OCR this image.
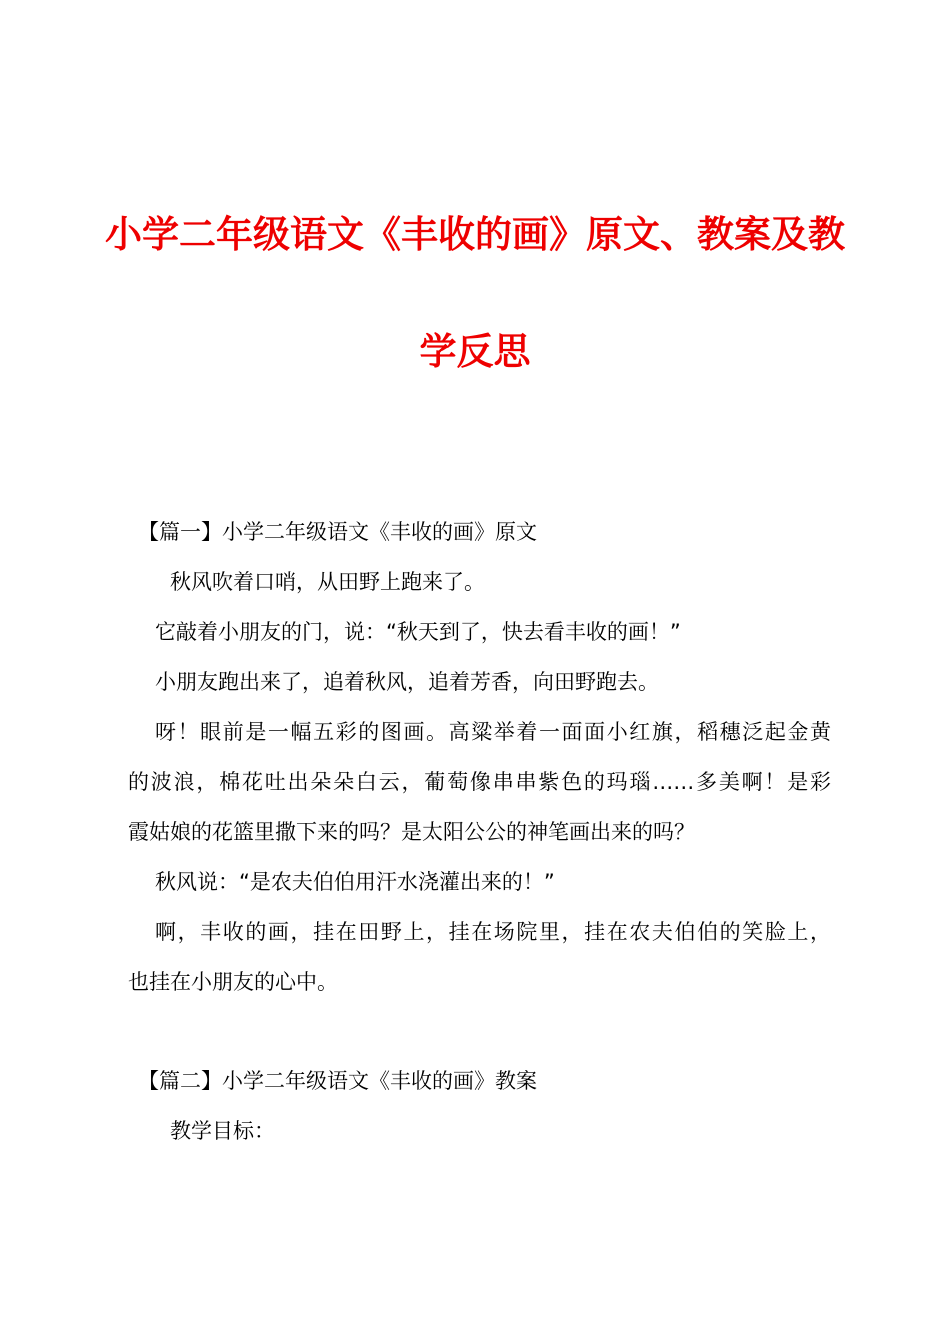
小学二年级语文《丰收的画》原文、教案及教
学反思
【篇一】小学二年级语文《丰收的画》原文
秋风吹着口哨，从田野上跑来了。
它敲着小朋友的门，说：“秋天到了，快去看丰收的画！”
小朋友跑出来了，追着秋风，追着芳香，向田野跑去。
呀！眼前是一幅五彩的图画。高粱举着一面面小红旗，稻穗泛起金黄
的波浪，棉花吐出朵朵白云，葡萄像串串紫色的玛瑙……多美啊！是彩
霞姑娘的花篮里撒下来的吗？是太阳公公的神笔画出来的吗？
秋风说：“是农夫伯伯用汗水浇灌出来的！”
啊，丰收的画，挂在田野上，挂在场院里，挂在农夫伯伯的笑脸上，
也挂在小朋友的心中。
【篇二】小学二年级语文《丰收的画》教案
教学目标：
